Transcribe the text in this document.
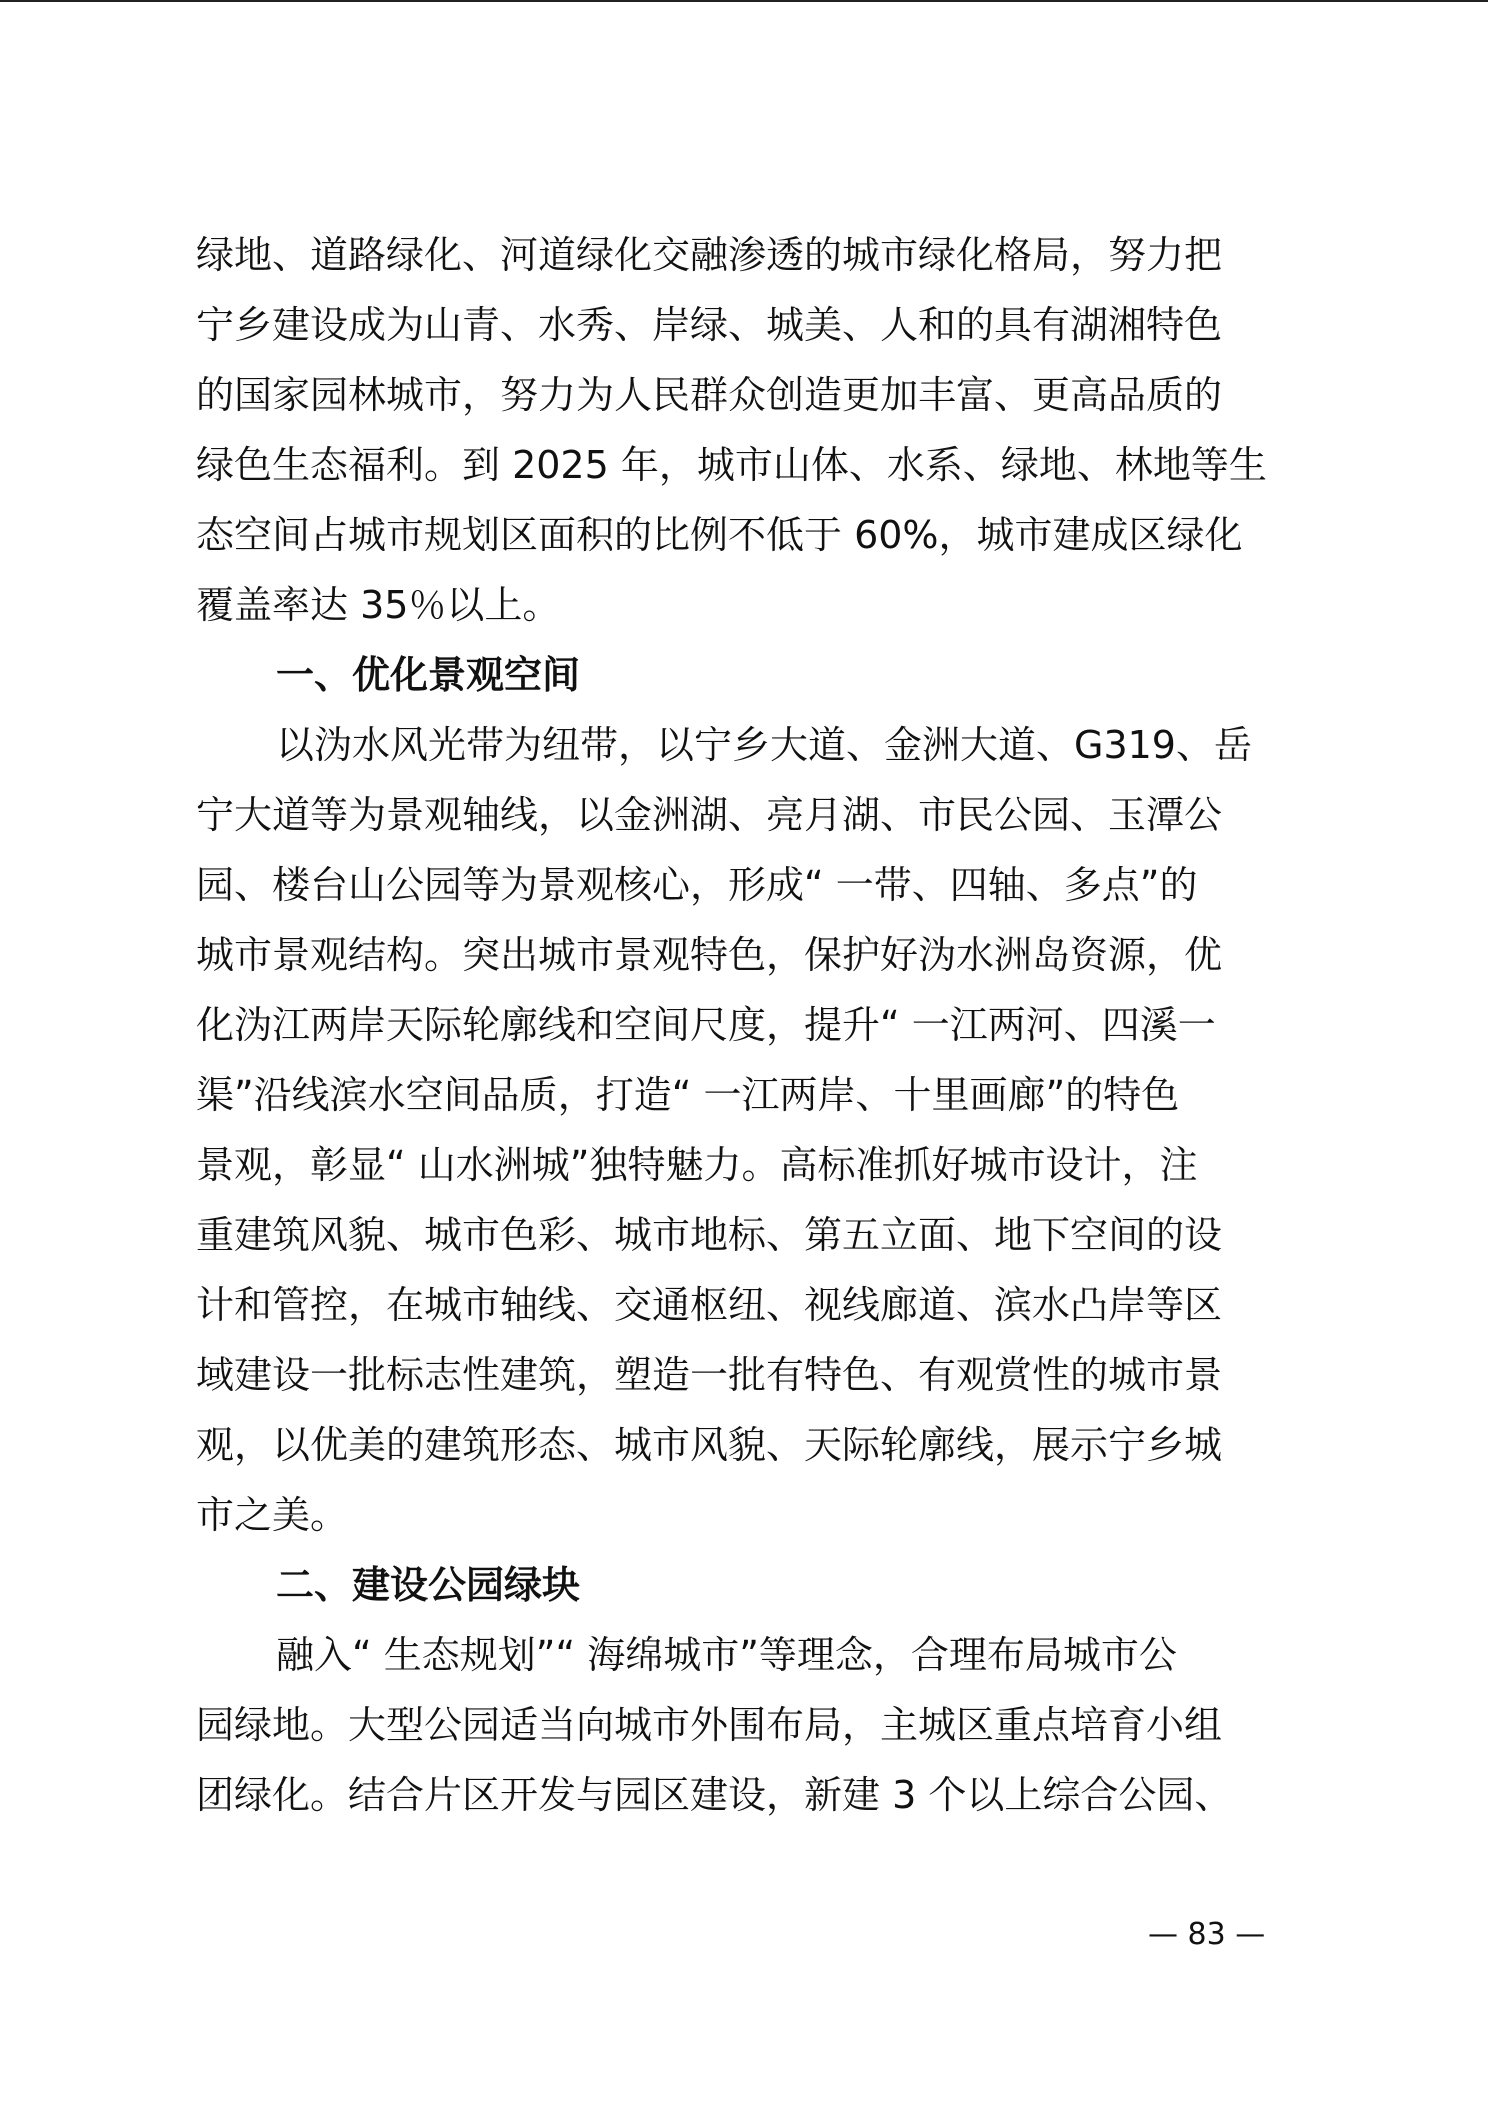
绿地、道路绿化、河道绿化交融渗透的城市绿化格局，努力把
宁乡建设成为山青、水秀、岸绿、城美、人和的具有湖湘特色
的国家园林城市，努力为人民群众创造更加丰富、更高品质的
绿色生态福利。到 2025 年，城市山体、水系、绿地、林地等生
态空间占城市规划区面积的比例不低于 60%，城市建成区绿化
覆盖率达 35％以上。
一、优化景观空间
以沩水风光带为纽带，以宁乡大道、金洲大道、G319、岳
宁大道等为景观轴线，以金洲湖、亮月湖、市民公园、玉潭公
园、楼台山公园等为景观核心，形成“ 一带、四轴、多点”的
城市景观结构。突出城市景观特色，保护好沩水洲岛资源，优
化沩江两岸天际轮廓线和空间尺度，提升“ 一江两河、四溪一
渠”沿线滨水空间品质，打造“ 一江两岸、十里画廊”的特色
景观，彰显“ 山水洲城”独特魅力。高标准抓好城市设计，注
重建筑风貌、城市色彩、城市地标、第五立面、地下空间的设
计和管控，在城市轴线、交通枢纽、视线廊道、滨水凸岸等区
域建设一批标志性建筑，塑造一批有特色、有观赏性的城市景
观，以优美的建筑形态、城市风貌、天际轮廓线，展示宁乡城
市之美。
二、建设公园绿块
融入“ 生态规划”“ 海绵城市”等理念，合理布局城市公
园绿地。大型公园适当向城市外围布局，主城区重点培育小组
团绿化。结合片区开发与园区建设，新建 3 个以上综合公园、
— 83 —
